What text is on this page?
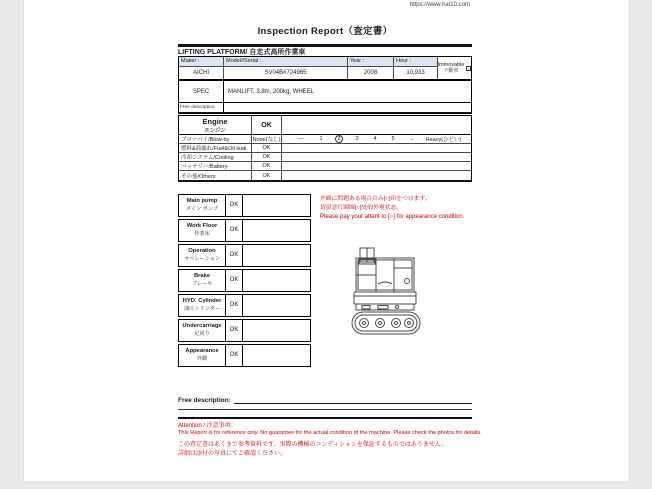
https://www.hat10.com
Inspection Report（査定書）
LIFTING PLATFORM/ 自走式高所作業車
Maker :	Model#Serial :	Year :	Hour :
AICHI	SV04B#724965	2008	10,933
Immovable
不動車
SPEC	MANLIFT, 3.8m, 200kg, WHEEL
Free description
Engine
エンジン
OK
ブローバイ/Blow-by	None(なし)	—	1	2	3	4	5	→	Heavy(ひどい)
燃料&油漏れ/Fuel&Oil leak	OK
冷却システム/Cooling	OK
バッテリー/Battery	OK
その他/Others	OK
Main pump
メイン ポンプ
OK
Work Floor
作業床
OK
Operation
オペレーション
OK
Brake
ブレーキ
OK
HYD. Cylinder
油圧シリンダー
OK
Undercarriage
足回り
OK
Appearance
外観
OK
外観に問題ある場合のみ[○]印をつけます。
请留意红圈圈[○]处的外观状态。
Please pay your attent to [○] for appearance condition.
Free description:
Attention / 注意事項：
This Report is for reference only. No guarantee for the actual condition of the machine. Please check the photos for details.
この査定書はあくまで参考資料です。実際の機械のコンディションを保証するものではありません。
詳細は添付の写真にてご確認ください。
